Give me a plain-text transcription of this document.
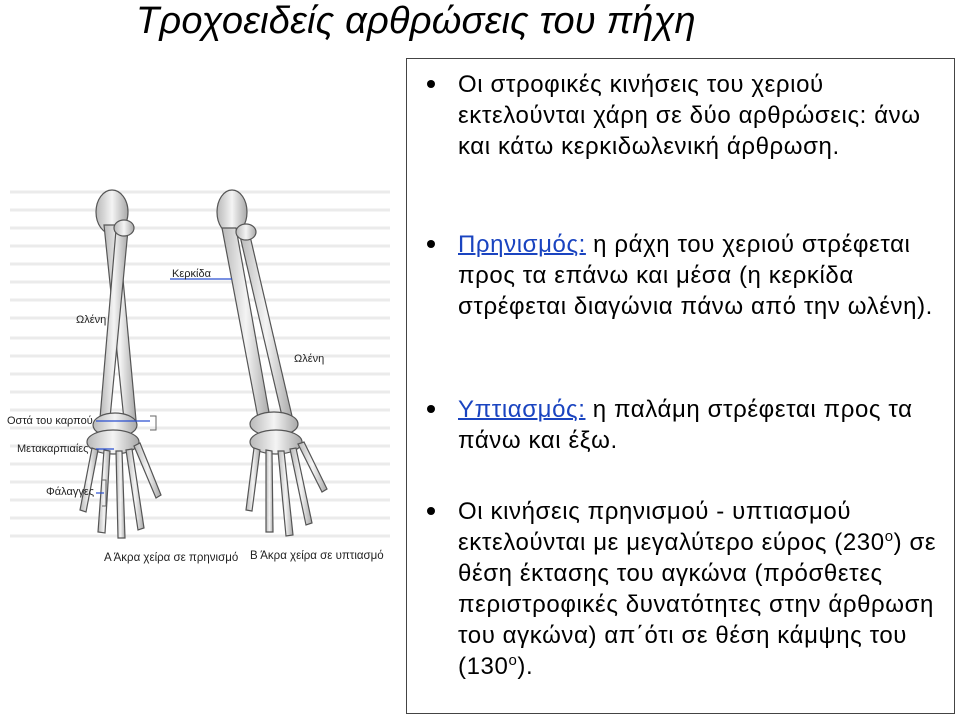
Τροχοειδείς αρθρώσεις του πήχη
Κερκίδα
Ωλένη
Ωλένη
Οστά του καρπού
Μετακαρπιαίες
Φάλαγγες
Α Άκρα χείρα σε πρηνισμό Β Άκρα χείρα σε υπτιασμό
Οι στροφικές κινήσεις του χεριού εκτελούνται χάρη σε δύο αρθρώσεις: άνω και κάτω κερκιδωλενική άρθρωση.
Πρηνισμός: η ράχη του χεριού στρέφεται προς τα επάνω και μέσα (η κερκίδα στρέφεται διαγώνια πάνω από την ωλένη).
Υπτιασμός: η παλάμη στρέφεται προς τα πάνω και έξω.
Οι κινήσεις πρηνισμού - υπτιασμού εκτελούνται με μεγαλύτερο εύρος $(230^o)$ σε θέση έκτασης του αγκώνα (πρόσθετες περιστροφικές δυνατότητες στην άρθρωση του αγκώνα) απ΄ότι σε θέση κάμψης του $(130^o)$.
